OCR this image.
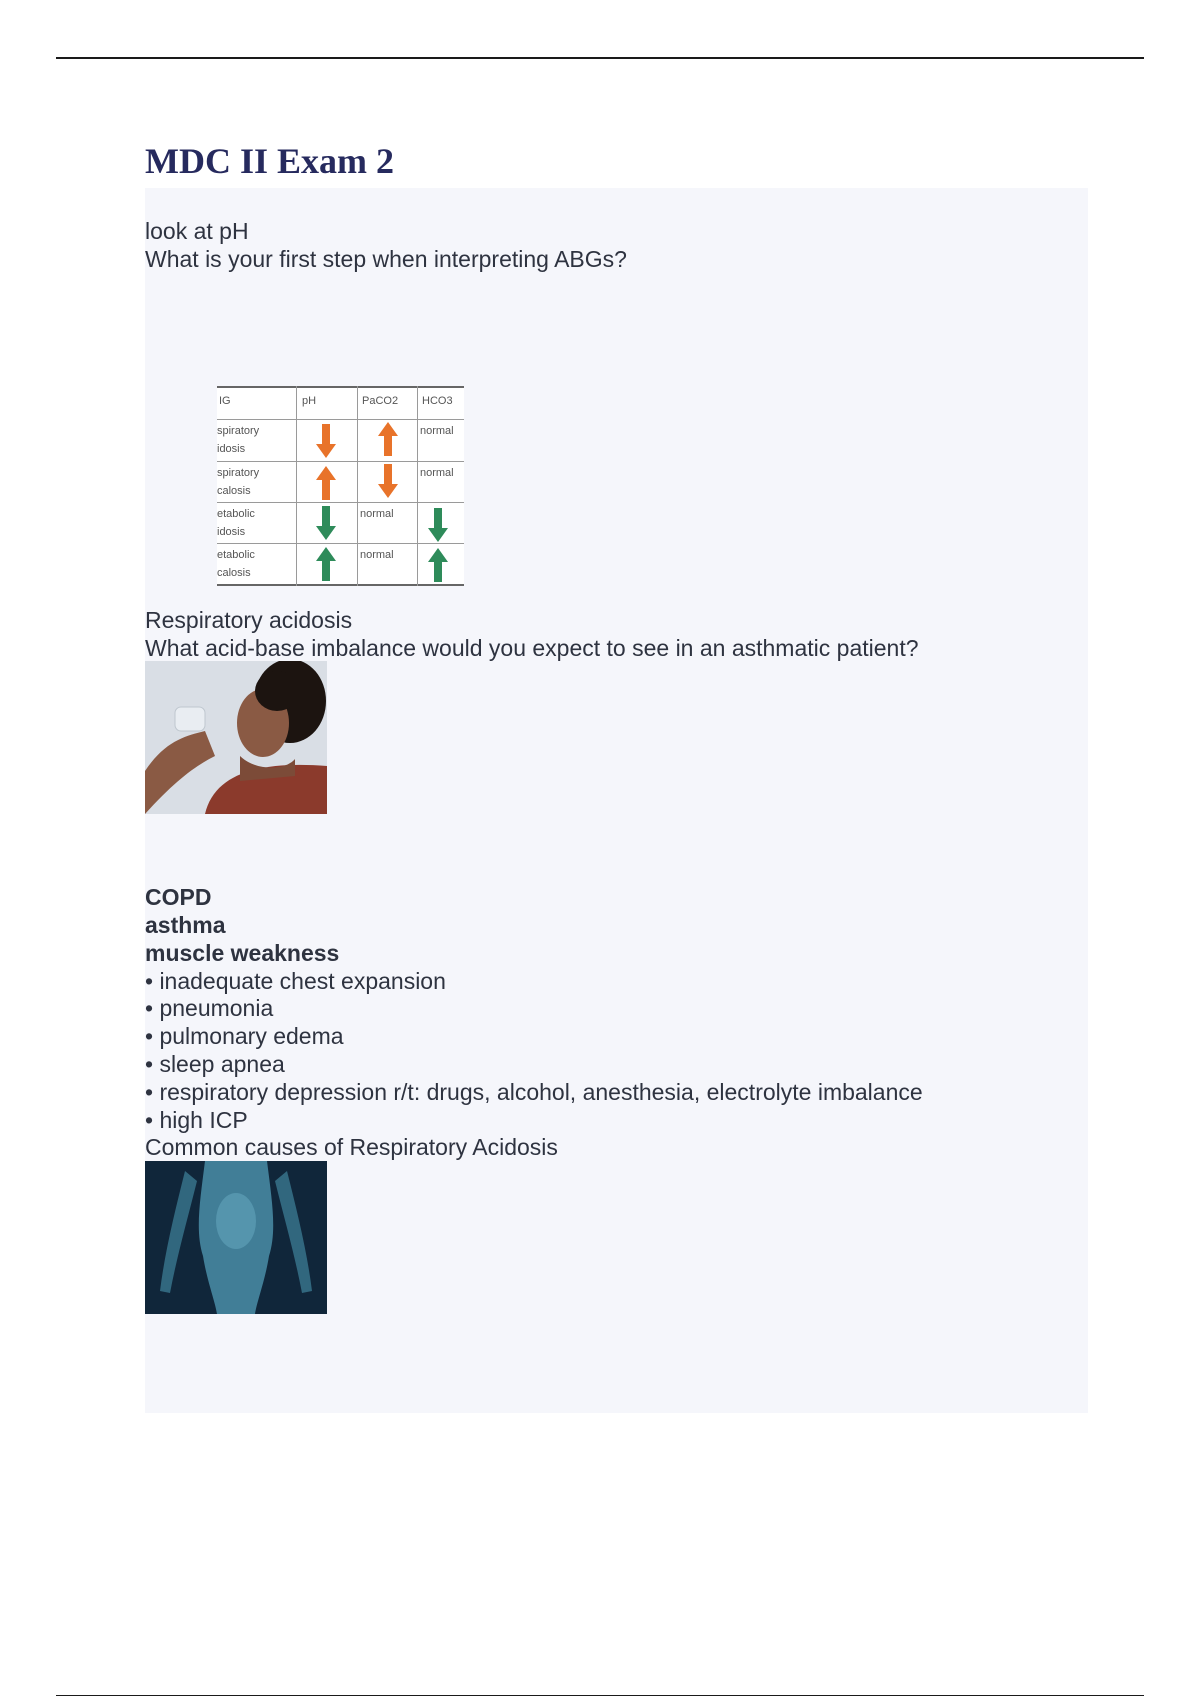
MDC II Exam 2
look at pH
What is your first step when interpreting ABGs?
IG	pH	PaCO2 HCO3
spiratory
idosis
normal
spiratory
calosis
normal
etabolic
idosis
normal
etabolic
calosis
normal
Respiratory acidosis
What acid-base imbalance would you expect to see in an asthmatic patient?
COPD
asthma
muscle weakness
• inadequate chest expansion
• pneumonia
• pulmonary edema
• sleep apnea
• respiratory depression r/t: drugs, alcohol, anesthesia, electrolyte imbalance
• high ICP
Common causes of Respiratory Acidosis
